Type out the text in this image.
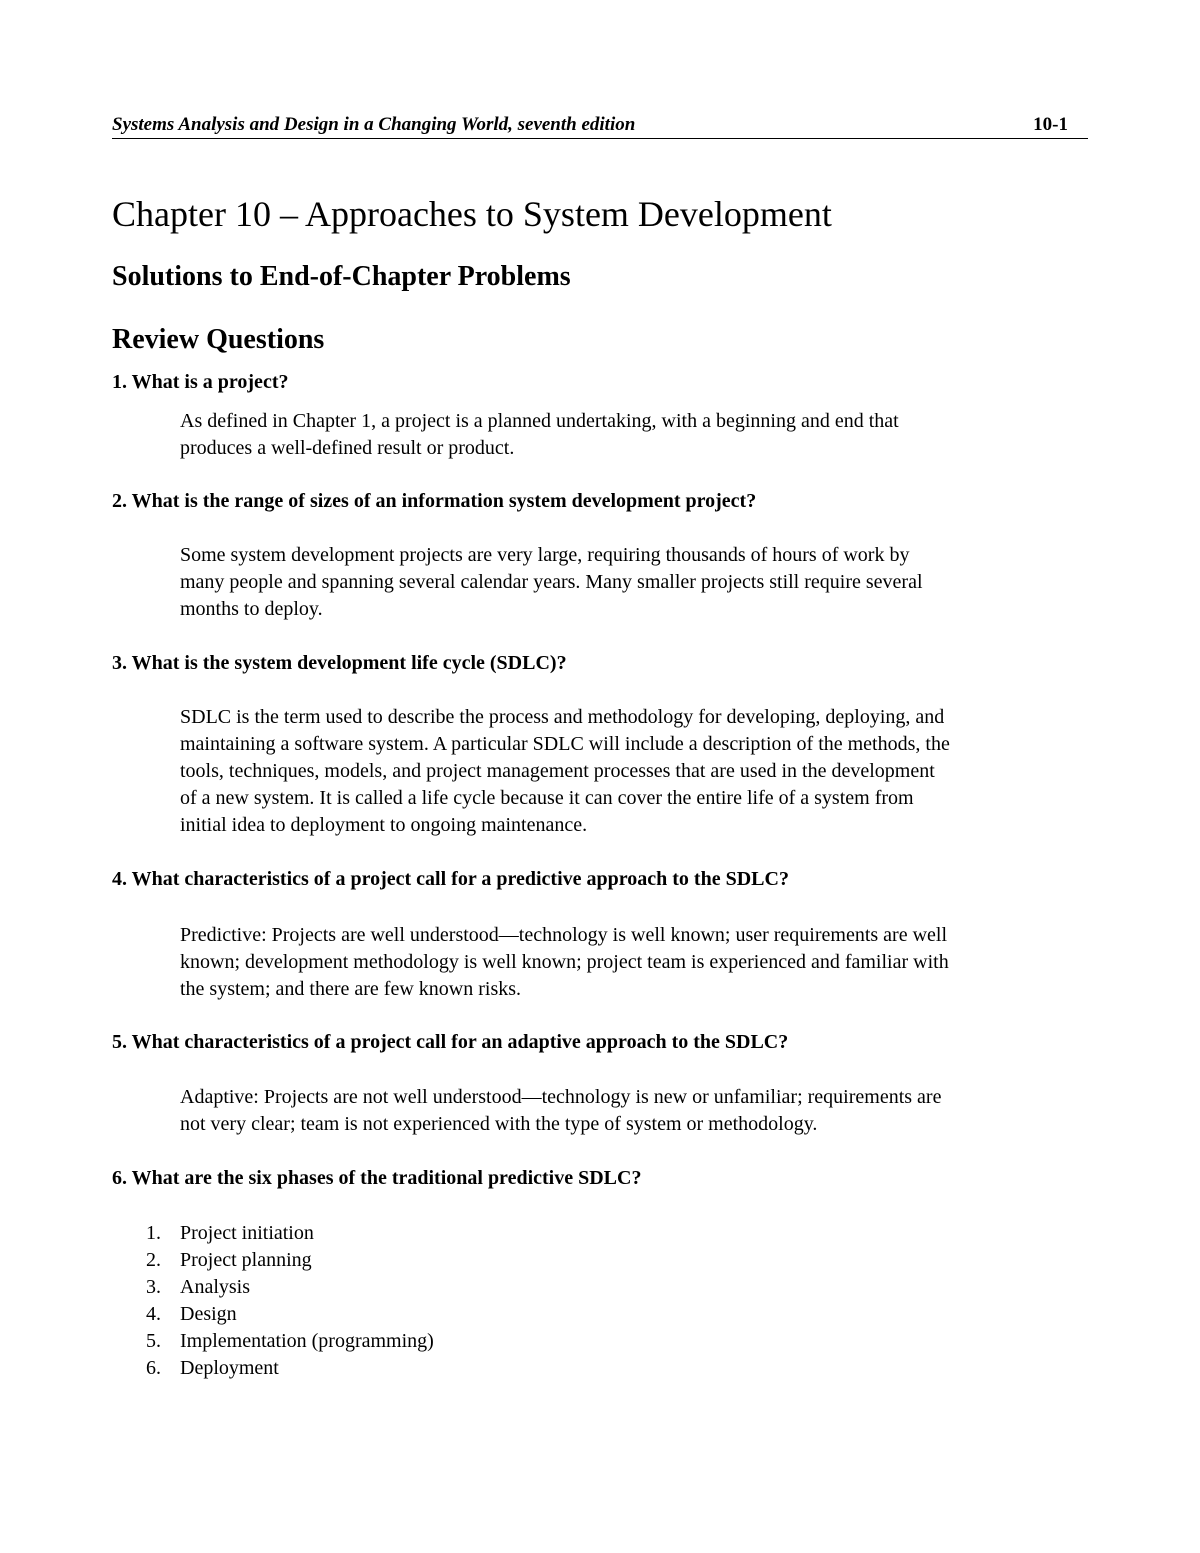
Systems Analysis and Design in a Changing World, seventh edition	10-1
Chapter 10 – Approaches to System Development
Solutions to End-of-Chapter Problems
Review Questions

1. What is a project?

As defined in Chapter 1, a project is a planned undertaking, with a beginning and end that
produces a well-defined result or product.

2. What is the range of sizes of an information system development project?

Some system development projects are very large, requiring thousands of hours of work by
many people and spanning several calendar years. Many smaller projects still require several
months to deploy.

3. What is the system development life cycle (SDLC)?

SDLC is the term used to describe the process and methodology for developing, deploying, and
maintaining a software system. A particular SDLC will include a description of the methods, the
tools, techniques, models, and project management processes that are used in the development
of a new system. It is called a life cycle because it can cover the entire life of a system from
initial idea to deployment to ongoing maintenance.

4. What characteristics of a project call for a predictive approach to the SDLC?

Predictive: Projects are well understood—technology is well known; user requirements are well
known; development methodology is well known; project team is experienced and familiar with
the system; and there are few known risks.

5. What characteristics of a project call for an adaptive approach to the SDLC?

Adaptive: Projects are not well understood—technology is new or unfamiliar; requirements are
not very clear; team is not experienced with the type of system or methodology.

6. What are the six phases of the traditional predictive SDLC?

1. Project initiation
2. Project planning
3. Analysis
4. Design
5. Implementation (programming)
6. Deployment
